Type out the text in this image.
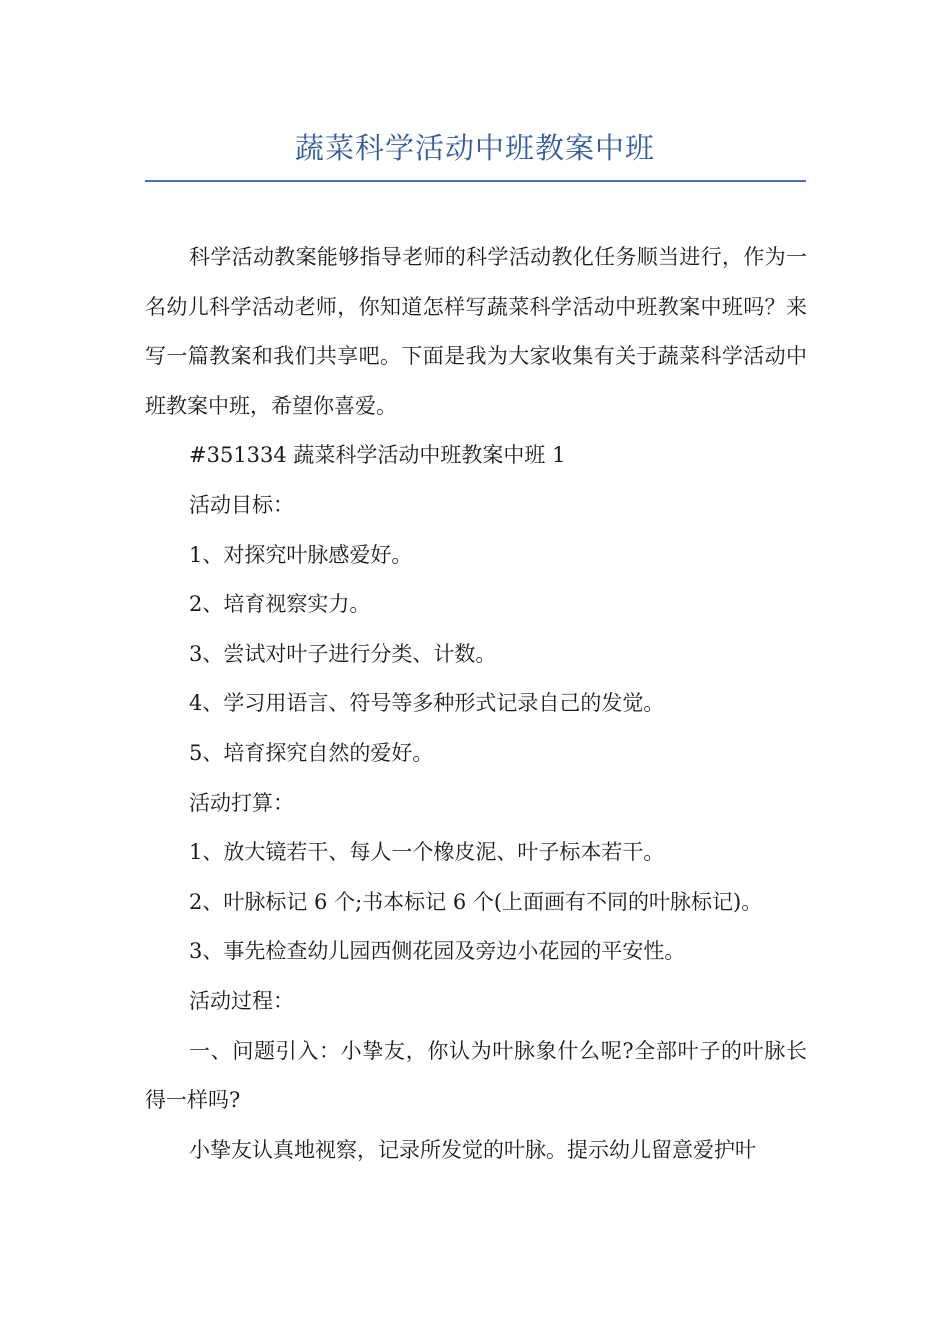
蔬菜科学活动中班教案中班

科学活动教案能够指导老师的科学活动教化任务顺当进行，作为一名幼儿科学活动老师，你知道怎样写蔬菜科学活动中班教案中班吗？来写一篇教案和我们共享吧。下面是我为大家收集有关于蔬菜科学活动中班教案中班，希望你喜爱。

#351334 蔬菜科学活动中班教案中班 1

活动目标：

1、对探究叶脉感爱好。

2、培育视察实力。

3、尝试对叶子进行分类、计数。

4、学习用语言、符号等多种形式记录自己的发觉。

5、培育探究自然的爱好。

活动打算：

1、放大镜若干、每人一个橡皮泥、叶子标本若干。

2、叶脉标记 6 个;书本标记 6 个(上面画有不同的叶脉标记)。

3、事先检查幼儿园西侧花园及旁边小花园的平安性。

活动过程：

一、问题引入：小挚友，你认为叶脉象什么呢?全部叶子的叶脉长得一样吗?

小挚友认真地视察，记录所发觉的叶脉。提示幼儿留意爱护叶
